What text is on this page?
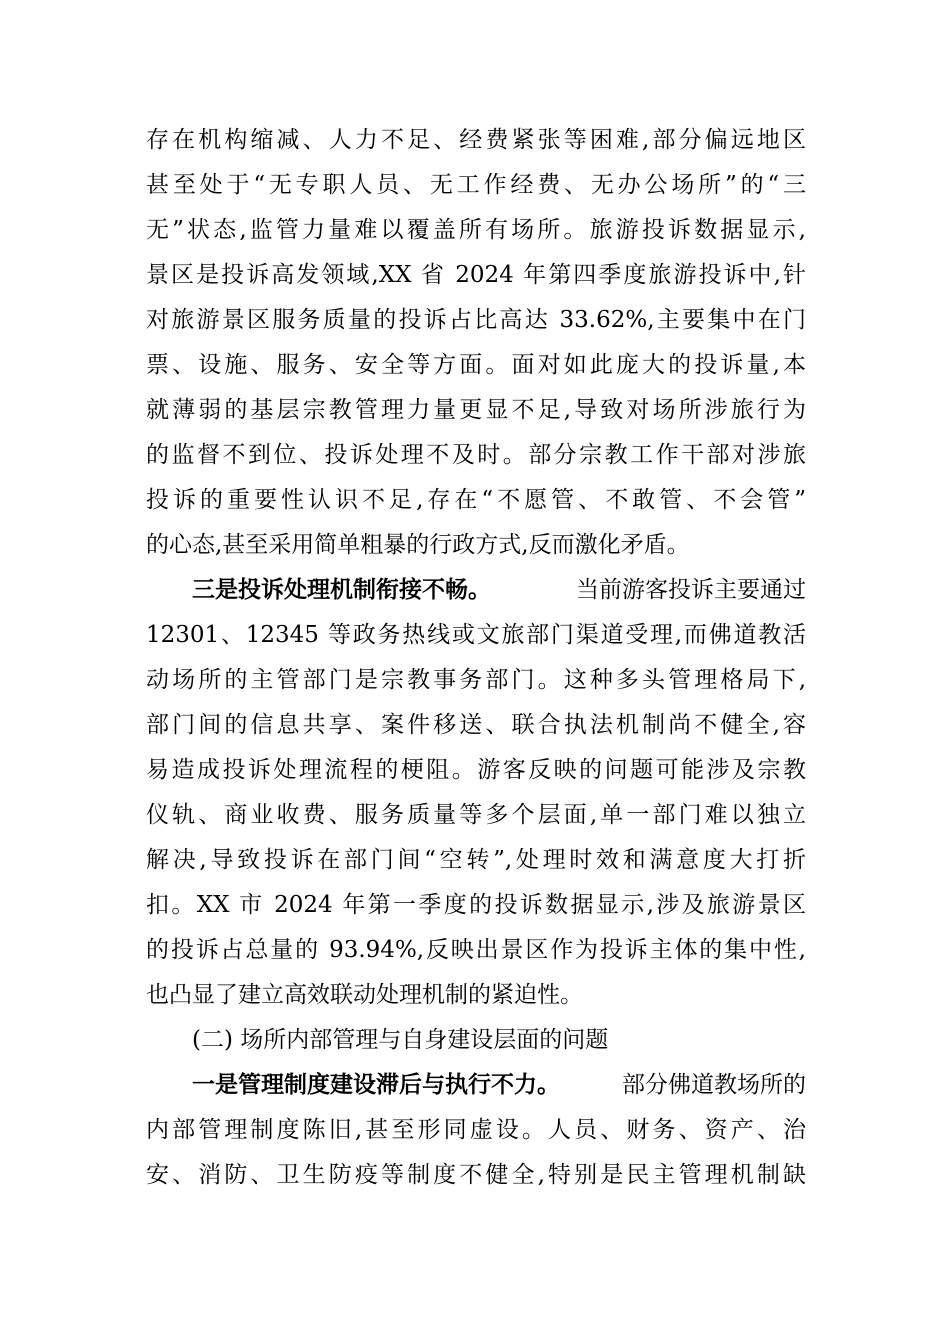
存在机构缩减、人力不足、经费紧张等困难,部分偏远地区

甚至处于“无专职人员、无工作经费、无办公场所”的“三

无”状态,监管力量难以覆盖所有场所。旅游投诉数据显示,

景区是投诉高发领域,XX 省 2024 年第四季度旅游投诉中,针

对旅游景区服务质量的投诉占比高达 33.62%,主要集中在门

票、设施、服务、安全等方面。面对如此庞大的投诉量,本

就薄弱的基层宗教管理力量更显不足,导致对场所涉旅行为

的监督不到位、投诉处理不及时。部分宗教工作干部对涉旅

投诉的重要性认识不足,存在“不愿管、不敢管、不会管”

的心态,甚至采用简单粗暴的行政方式,反而激化矛盾。

三是投诉处理机制衔接不畅。	当前游客投诉主要通过

12301、12345 等政务热线或文旅部门渠道受理,而佛道教活

动场所的主管部门是宗教事务部门。这种多头管理格局下,

部门间的信息共享、案件移送、联合执法机制尚不健全,容

易造成投诉处理流程的梗阻。游客反映的问题可能涉及宗教

仪轨、商业收费、服务质量等多个层面,单一部门难以独立

解决,导致投诉在部门间“空转”,处理时效和满意度大打折

扣。XX 市 2024 年第一季度的投诉数据显示,涉及旅游景区

的投诉占总量的 93.94%,反映出景区作为投诉主体的集中性,

也凸显了建立高效联动处理机制的紧迫性。

(二) 场所内部管理与自身建设层面的问题

一是管理制度建设滞后与执行不力。	部分佛道教场所的

内部管理制度陈旧,甚至形同虚设。人员、财务、资产、治

安、消防、卫生防疫等制度不健全,特别是民主管理机制缺
